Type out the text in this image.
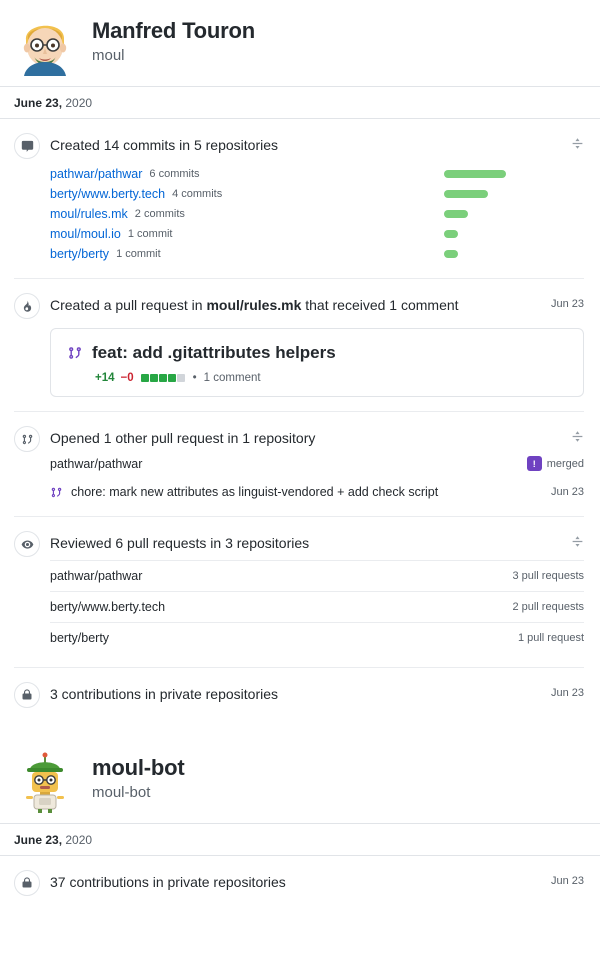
Manfred Touron
moul
June 23, 2020
Created 14 commits in 5 repositories
pathwar/pathwar 6 commits
berty/www.berty.tech 4 commits
moul/rules.mk 2 commits
moul/moul.io 1 commit
berty/berty 1 commit
Created a pull request in moul/rules.mk that received 1 comment	Jun 23
feat: add .gitattributes helpers
+14 −0	• 1 comment
Opened 1 other pull request in 1 repository
pathwar/pathwar	!	merged
chore: mark new attributes as linguist-vendored + add check script	Jun 23
Reviewed 6 pull requests in 3 repositories
pathwar/pathwar	3 pull requests
berty/www.berty.tech	2 pull requests
berty/berty	1 pull request
3 contributions in private repositories	Jun 23
moul-bot
moul-bot
June 23, 2020
37 contributions in private repositories	Jun 23
